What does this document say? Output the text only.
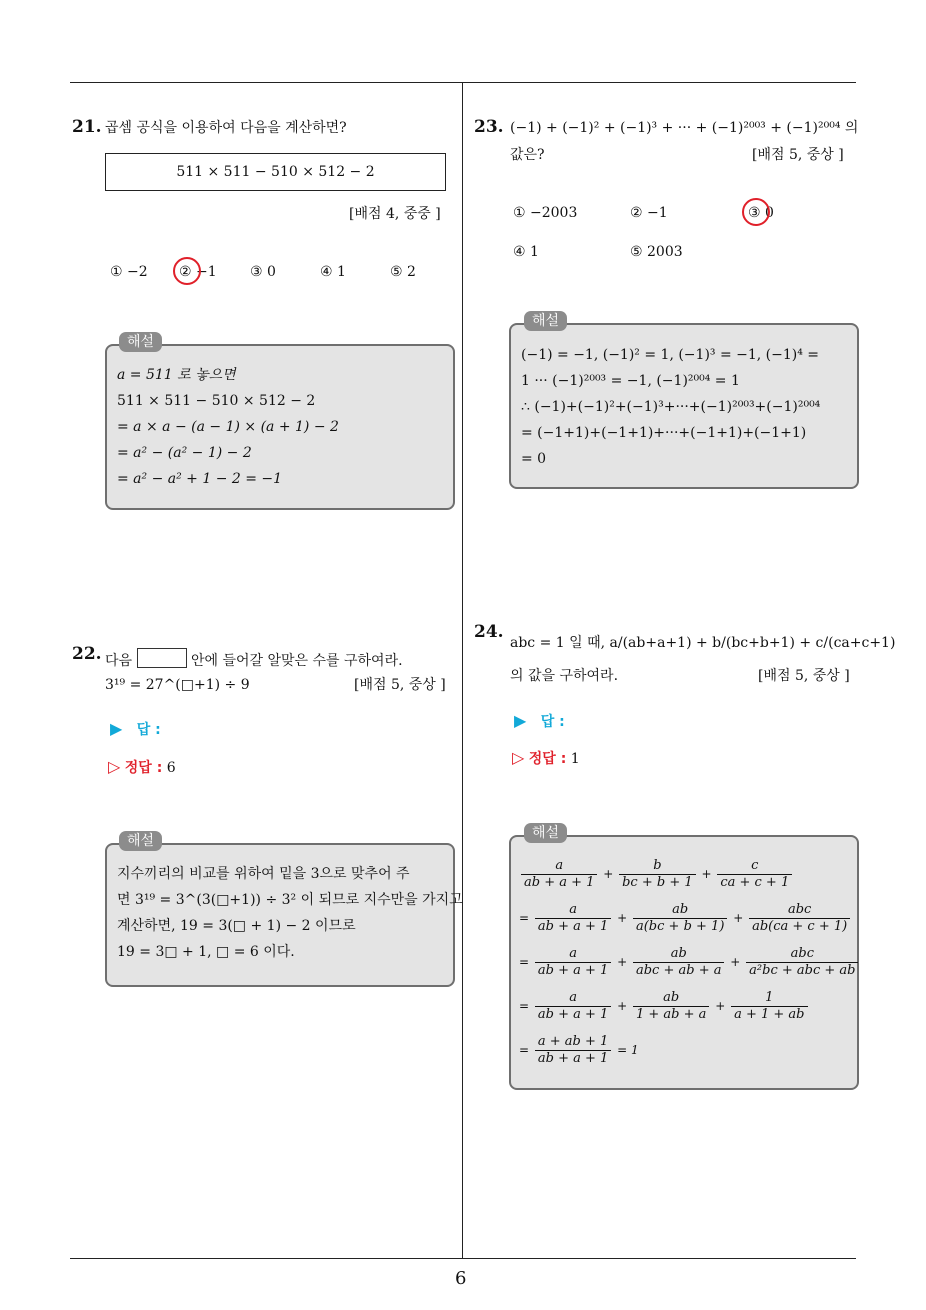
6
21. 곱셈 공식을 이용하여 다음을 계산하면?
511 × 511 − 510 × 512 − 2
[배점 4, 중중 ]
① −2 ② −1 ③ 0	④ 1	⑤ 2
해설
a = 511 로 놓으면
511 × 511 − 510 × 512 − 2
= a × a − (a − 1) × (a + 1) − 2
= a² − (a² − 1) − 2
= a² − a² + 1 − 2 = −1
22. 다음	안에 들어갈 알맞은 수를 구하여라.
3¹⁹ = 27^(□+1) ÷ 9	[배점 5, 중상 ]
▶ 답 :
▷ 정답 : 6
해설
지수끼리의 비교를 위하여 밑을 3으로 맞추어 주
면 3¹⁹ = 3^(3(□+1)) ÷ 3² 이 되므로 지수만을 가지고
계산하면, 19 = 3(□ + 1) − 2 이므로
19 = 3□ + 1, □ = 6 이다.
23. (−1) + (−1)² + (−1)³ + ··· + (−1)²⁰⁰³ + (−1)²⁰⁰⁴ 의
값은?	[배점 5, 중상 ]
① −2003	② −1	③ 0
④ 1	⑤ 2003
해설
(−1) = −1, (−1)² = 1, (−1)³ = −1, (−1)⁴ =
1 ··· (−1)²⁰⁰³ = −1, (−1)²⁰⁰⁴ = 1
∴ (−1)+(−1)²+(−1)³+···+(−1)²⁰⁰³+(−1)²⁰⁰⁴
= (−1+1)+(−1+1)+···+(−1+1)+(−1+1)
= 0
24.
abc = 1 일 때, a/(ab+a+1) + b/(bc+b+1) + c/(ca+c+1)
의 값을 구하여라.	[배점 5, 중상 ]
▶ 답 :
▷ 정답 : 1
해설
$\frac{a}{ab + a + 1} + \frac{b}{bc + b + 1} + \frac{c}{ca + c + 1}$
= $\frac{a}{ab + a + 1} + \frac{ab}{a(bc + b + 1)} + \frac{\text{abc}}{ab(ca + c + 1)}$
= $\frac{a}{ab + a + 1} + \frac{ab}{\text{abc + ab + a}} + \frac{\text{abc}}{\text{a²bc + abc + ab}}$
= $\frac{a}{ab + a + 1} + \frac{ab}{1 + ab + a} + \frac{1}{a + 1 + ab}$
= $\frac{a + ab + 1}{ab + a + 1} = 1$
